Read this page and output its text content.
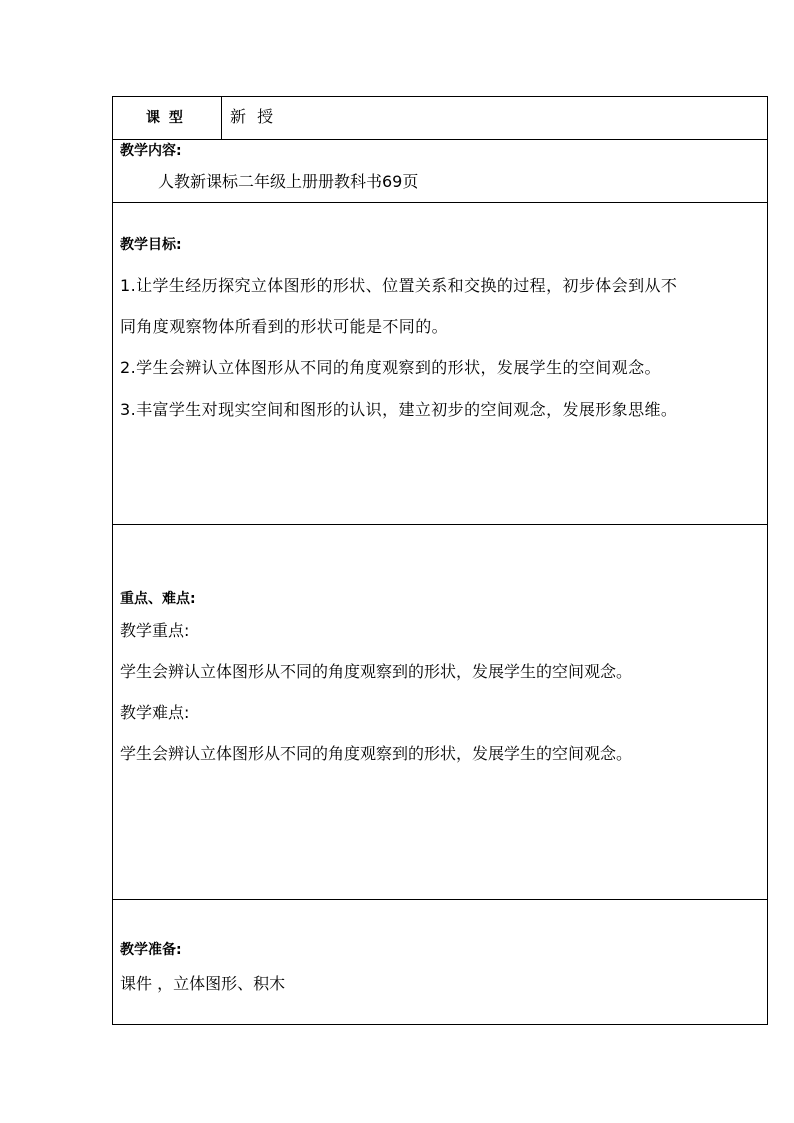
课 型	新 授
教学内容:
人教新课标二年级上册册教科书69页
教学目标:
1.让学生经历探究立体图形的形状、位置关系和交换的过程，初步体会到从不
同角度观察物体所看到的形状可能是不同的。
2.学生会辨认立体图形从不同的角度观察到的形状，发展学生的空间观念。
3.丰富学生对现实空间和图形的认识，建立初步的空间观念，发展形象思维。
重点、难点:
教学重点:
学生会辨认立体图形从不同的角度观察到的形状，发展学生的空间观念。
教学难点:
学生会辨认立体图形从不同的角度观察到的形状，发展学生的空间观念。
教学准备:
课件 ，立体图形、积木
